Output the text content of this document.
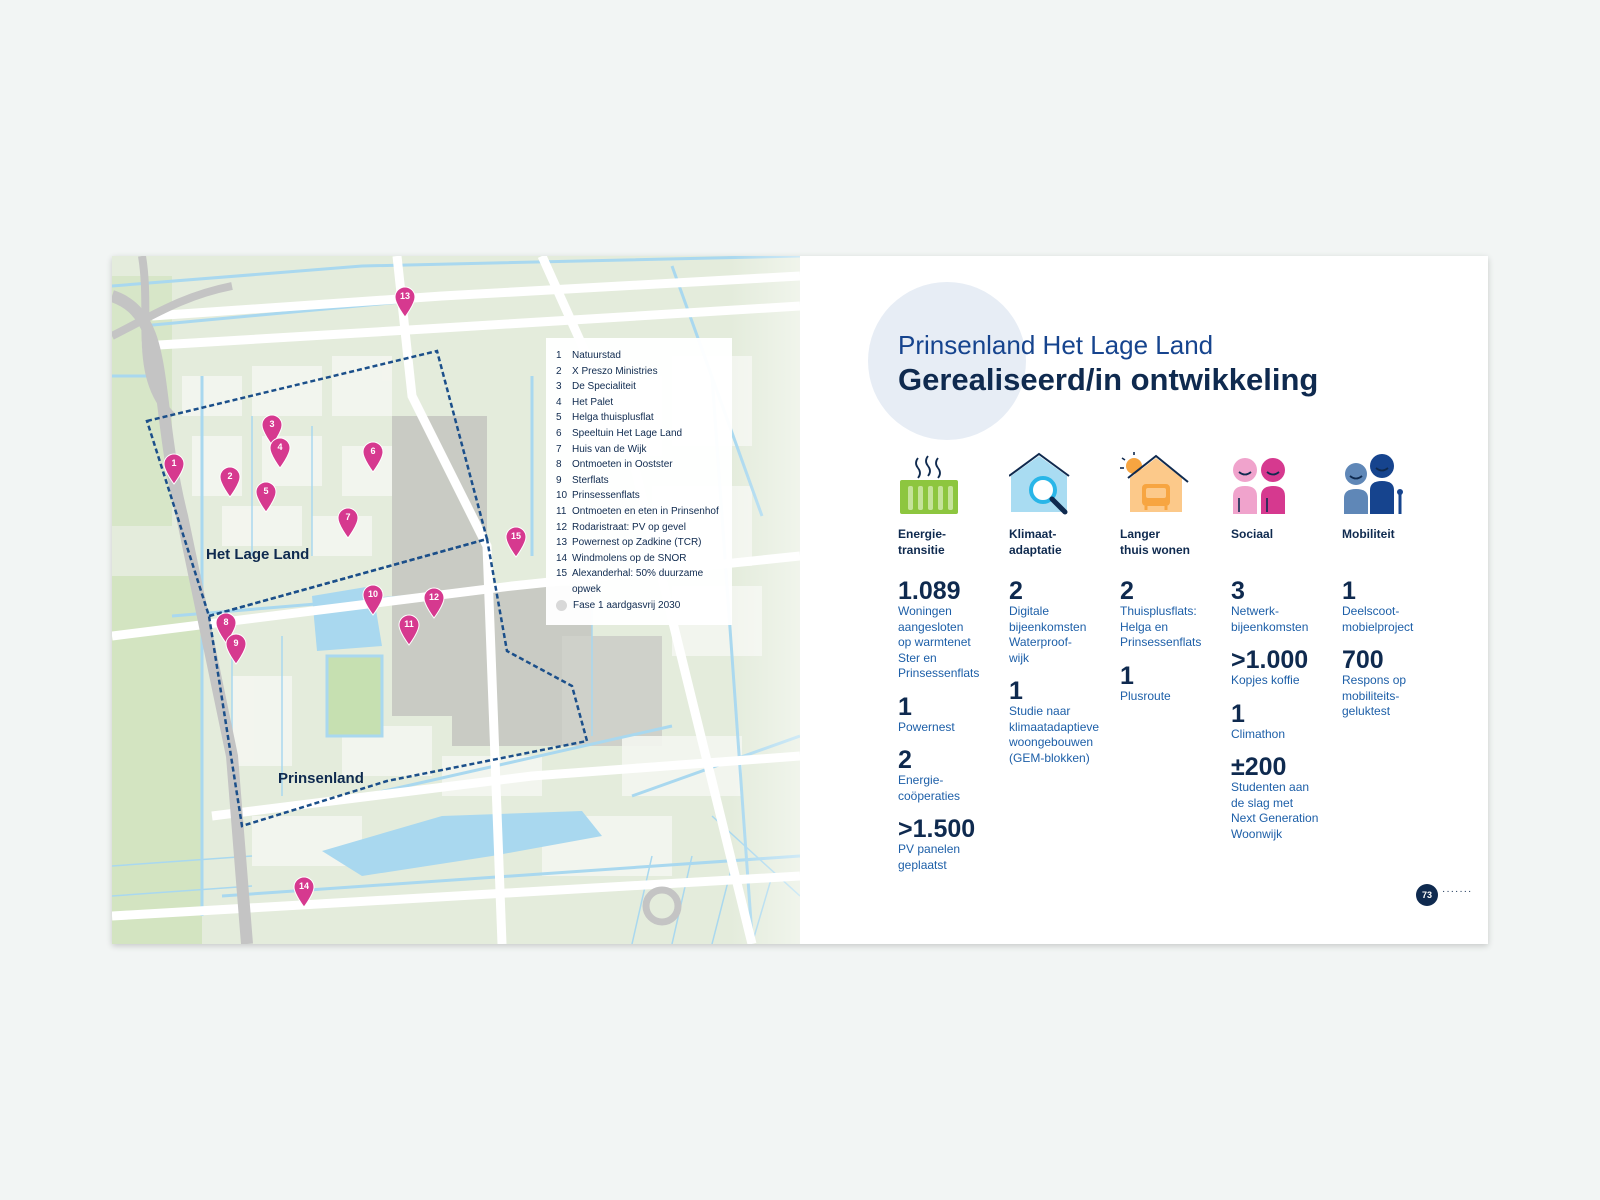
Het Lage Land
Prinsenland
1
2
3
4
5
6
7
8
9
10
11
12
13
14
15
1	Natuurstad
2	X Preszo Ministries
3	De Specialiteit
4	Het Palet
5	Helga thuisplusflat
6	Speeltuin Het Lage Land
7	Huis van de Wijk
8	Ontmoeten in Oostster
9	Sterflats
10 Prinsessenflats
11 Ontmoeten en eten in Prinsenhof
12 Rodaristraat: PV op gevel
13 Powernest op Zadkine (TCR)
14 Windmolens op de SNOR
15 Alexanderhal: 50% duurzame opwek
Fase 1 aardgasvrij 2030
Prinsenland Het Lage Land
Gerealiseerd/in ontwikkeling
Energie-
transitie
1.089
Woningen
aangesloten
op warmtenet
Ster en
Prinsessenflats
1
Powernest
2
Energie-
coöperaties
>1.500
PV panelen
geplaatst
Klimaat-
adaptatie
2
Digitale
bijeenkomsten
Waterproof-
wijk
1
Studie naar
klimaatadaptieve
woongebouwen
(GEM-blokken)
Langer
thuis wonen
2
Thuisplusflats:
Helga en
Prinsessenflats
1
Plusroute
Sociaal
3
Netwerk-
bijeenkomsten
>1.000
Kopjes koffie
1
Climathon
±200
Studenten aan
de slag met
Next Generation
Woonwijk
Mobiliteit
1
Deelscoot-
mobielproject
700
Respons op
mobiliteits-
geluktest
73	·······
